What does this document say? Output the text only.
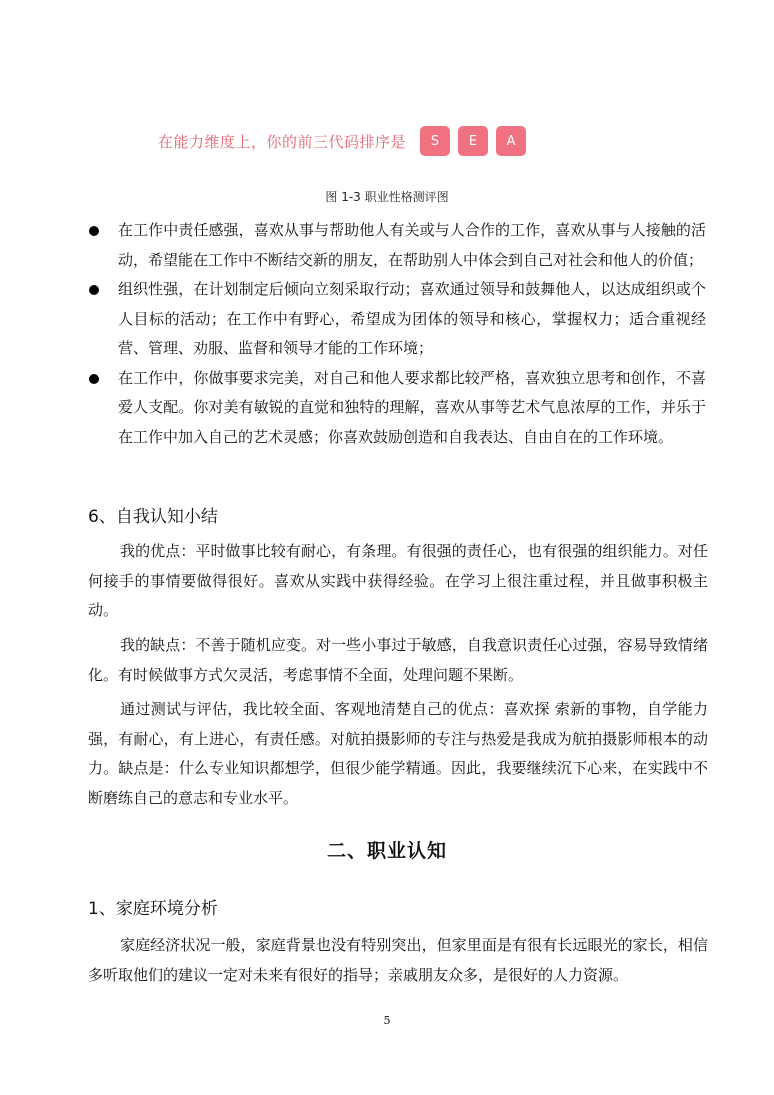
在能力维度上，你的前三代码排序是	S	E	A
图 1-3 职业性格测评图
在工作中责任感强，喜欢从事与帮助他人有关或与人合作的工作，喜欢从事与人接触的活动，希望能在工作中不断结交新的朋友，在帮助别人中体会到自己对社会和他人的价值；
组织性强，在计划制定后倾向立刻采取行动；喜欢通过领导和鼓舞他人，以达成组织或个人目标的活动；在工作中有野心，希望成为团体的领导和核心，掌握权力；适合重视经营、管理、劝服、监督和领导才能的工作环境；
在工作中，你做事要求完美，对自己和他人要求都比较严格，喜欢独立思考和创作，不喜爱人支配。你对美有敏锐的直觉和独特的理解，喜欢从事等艺术气息浓厚的工作，并乐于在工作中加入自己的艺术灵感；你喜欢鼓励创造和自我表达、自由自在的工作环境。
6、自我认知小结

我的优点：平时做事比较有耐心，有条理。有很强的责任心，也有很强的组织能力。对任何接手的事情要做得很好。喜欢从实践中获得经验。在学习上很注重过程，并且做事积极主动。

我的缺点：不善于随机应变。对一些小事过于敏感，自我意识责任心过强，容易导致情绪化。有时候做事方式欠灵活，考虑事情不全面，处理问题不果断。

通过测试与评估，我比较全面、客观地清楚自己的优点：喜欢探 索新的事物，自学能力强，有耐心，有上进心，有责任感。对航拍摄影师的专注与热爱是我成为航拍摄影师根本的动力。缺点是：什么专业知识都想学，但很少能学精通。因此，我要继续沉下心来，在实践中不断磨练自己的意志和专业水平。

二、职业认知
1、家庭环境分析

家庭经济状况一般，家庭背景也没有特别突出，但家里面是有很有长远眼光的家长，相信多听取他们的建议一定对未来有很好的指导；亲戚朋友众多，是很好的人力资源。

5
